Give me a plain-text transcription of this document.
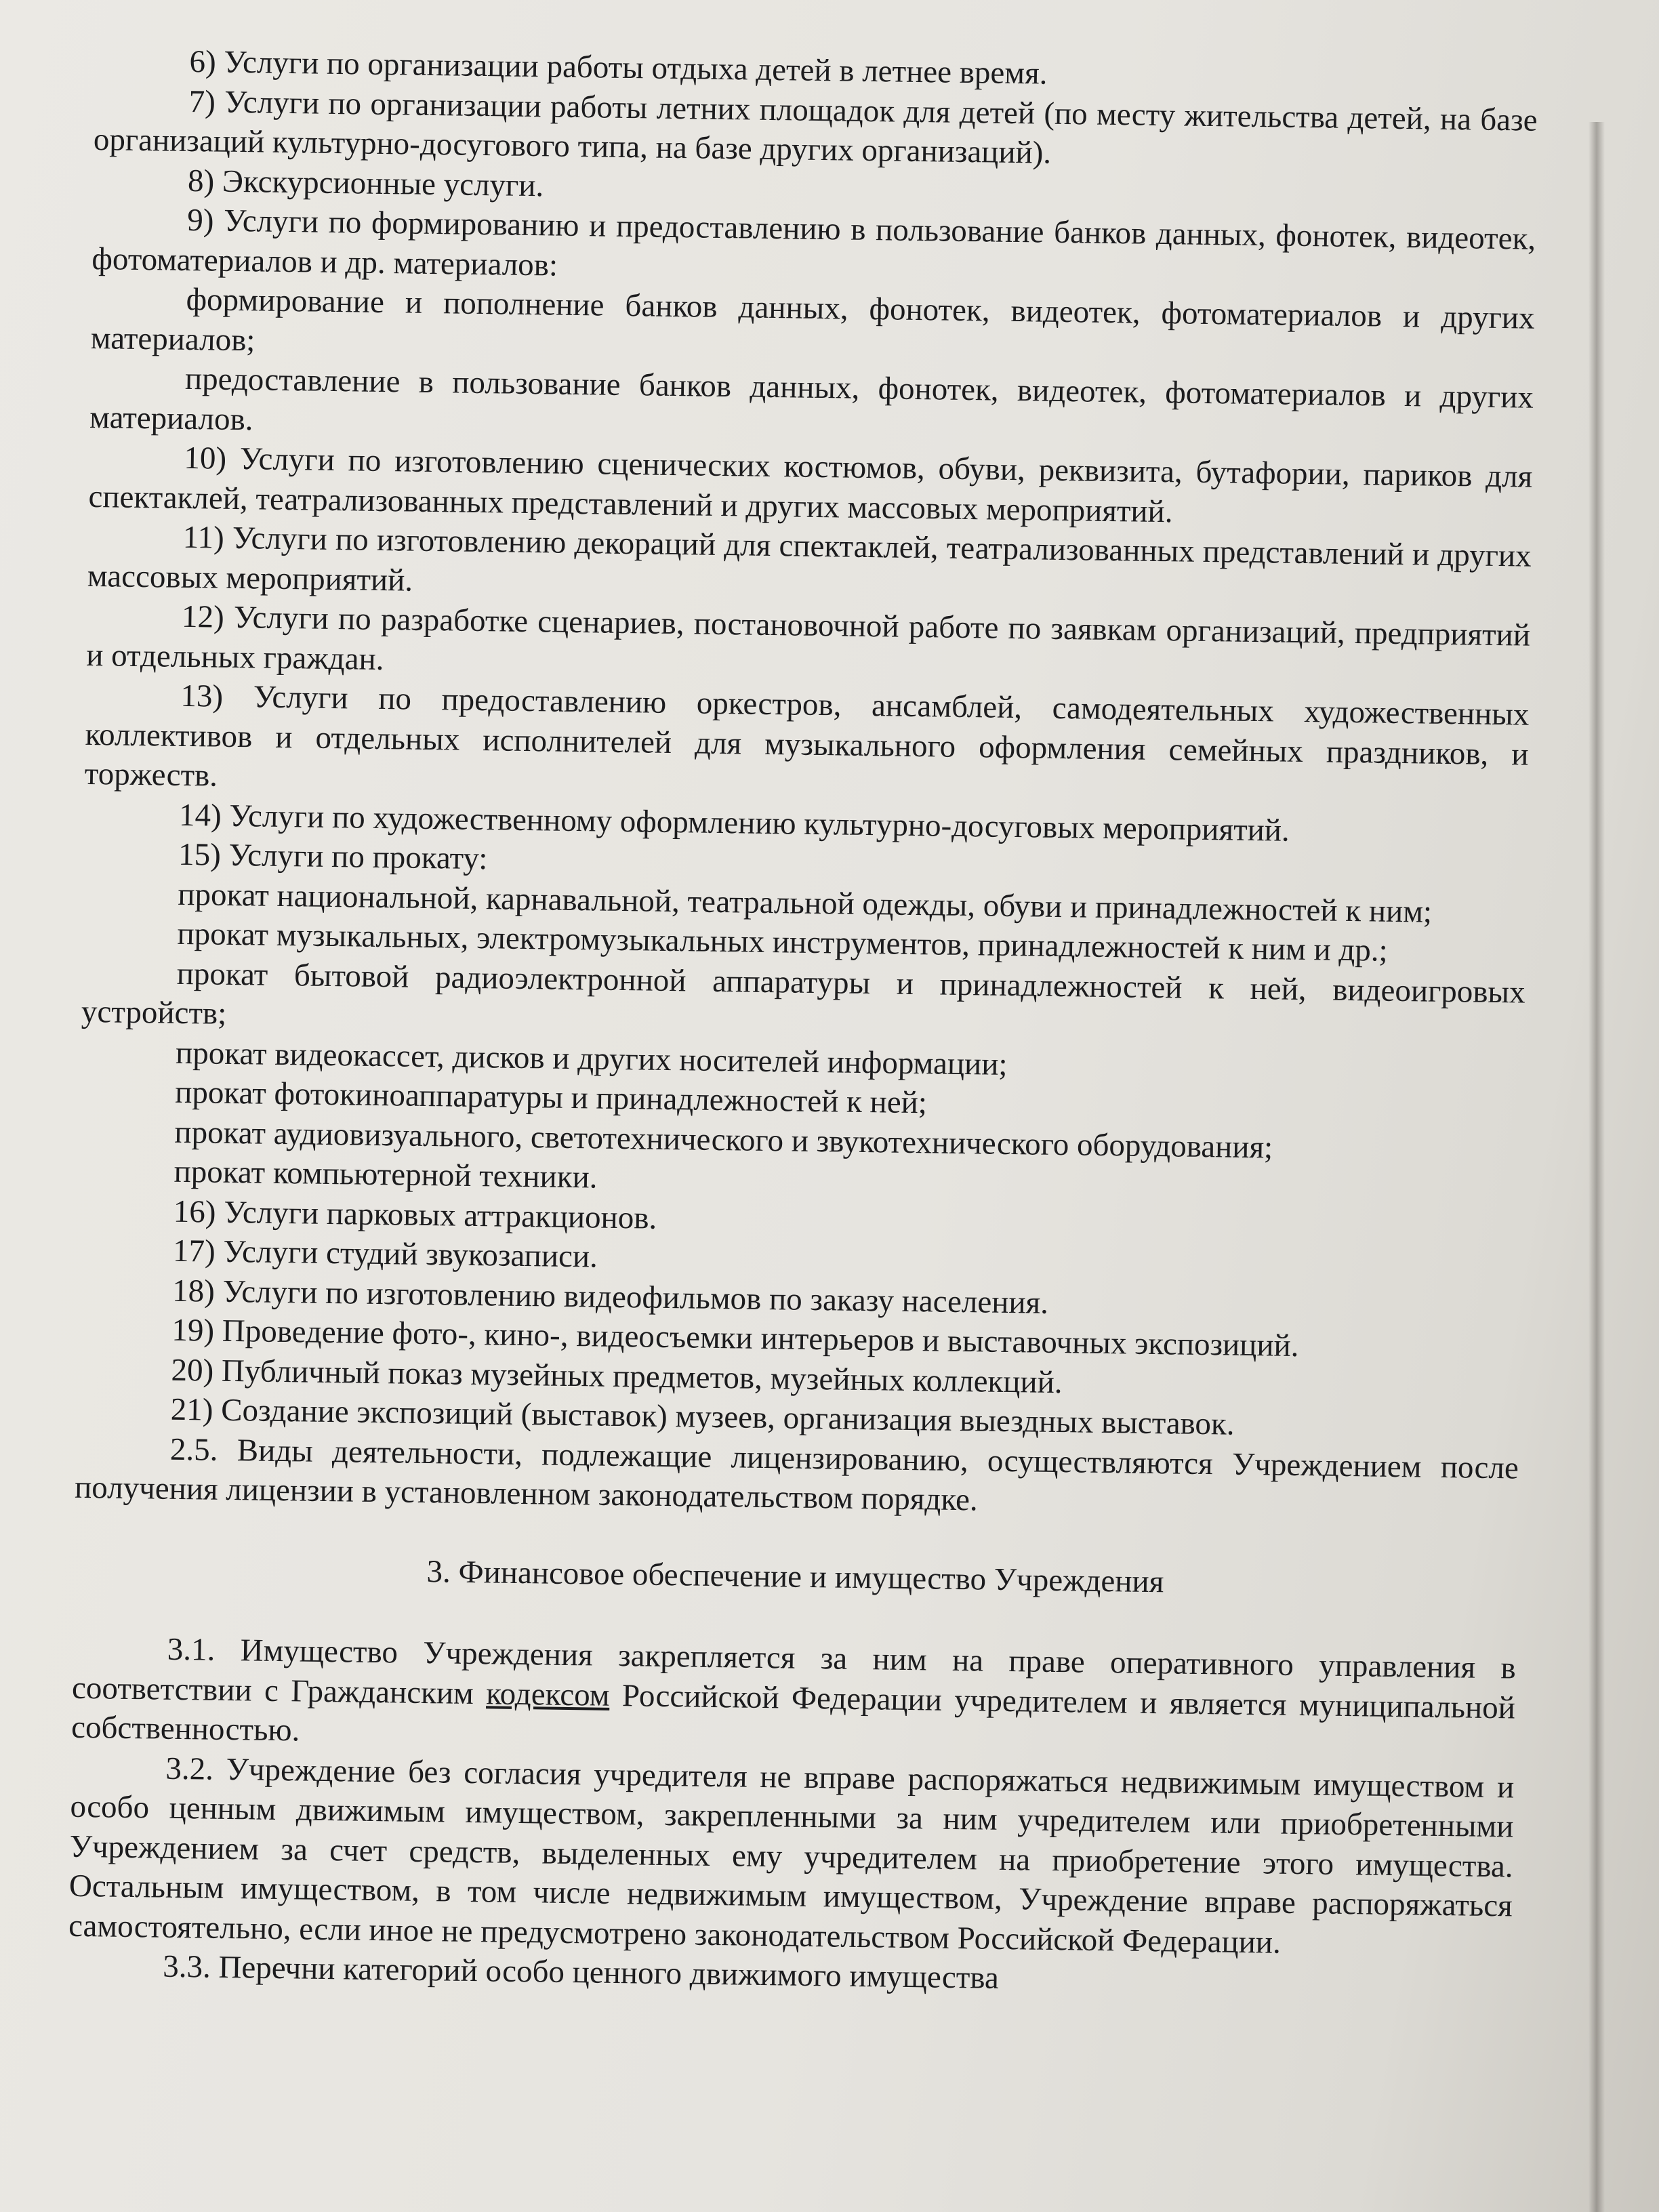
6) Услуги по организации работы отдыха детей в летнее время.

7) Услуги по организации работы летних площадок для детей (по месту жительства детей, на базе организаций культурно-досугового типа, на базе других организаций).

8) Экскурсионные услуги.

9) Услуги по формированию и предоставлению в пользование банков данных, фонотек, видеотек, фотоматериалов и др. материалов:

формирование и пополнение банков данных, фонотек, видеотек, фотоматериалов и других материалов;

предоставление в пользование банков данных, фонотек, видеотек, фотоматериалов и других материалов.

10) Услуги по изготовлению сценических костюмов, обуви, реквизита, бутафории, париков для спектаклей, театрализованных представлений и других массовых мероприятий.

11) Услуги по изготовлению декораций для спектаклей, театрализованных представлений и других массовых мероприятий.

12) Услуги по разработке сценариев, постановочной работе по заявкам организаций, предприятий и отдельных граждан.

13) Услуги по предоставлению оркестров, ансамблей, самодеятельных художественных коллективов и отдельных исполнителей для музыкального оформления семейных праздников, и торжеств.

14) Услуги по художественному оформлению культурно-досуговых мероприятий.

15) Услуги по прокату:

прокат национальной, карнавальной, театральной одежды, обуви и принадлежностей к ним;

прокат музыкальных, электромузыкальных инструментов, принадлежностей к ним и др.;

прокат бытовой радиоэлектронной аппаратуры и принадлежностей к ней, видеоигровых устройств;

прокат видеокассет, дисков и других носителей информации;

прокат фотокиноаппаратуры и принадлежностей к ней;

прокат аудиовизуального, светотехнического и звукотехнического оборудования;

прокат компьютерной техники.

16) Услуги парковых аттракционов.

17) Услуги студий звукозаписи.

18) Услуги по изготовлению видеофильмов по заказу населения.

19) Проведение фото-, кино-, видеосъемки интерьеров и выставочных экспозиций.

20) Публичный показ музейных предметов, музейных коллекций.

21) Создание экспозиций (выставок) музеев, организация выездных выставок.

2.5. Виды деятельности, подлежащие лицензированию, осуществляются Учреждением после получения лицензии в установленном законодательством порядке.

3. Финансовое обеспечение и имущество Учреждения

3.1. Имущество Учреждения закрепляется за ним на праве оперативного управления в соответствии с Гражданским кодексом Российской Федерации учредителем и является муниципальной собственностью.

3.2. Учреждение без согласия учредителя не вправе распоряжаться недвижимым имуществом и особо ценным движимым имуществом, закрепленными за ним учредителем или приобретенными Учреждением за счет средств, выделенных ему учредителем на приобретение этого имущества. Остальным имуществом, в том числе недвижимым имуществом, Учреждение вправе распоряжаться самостоятельно, если иное не предусмотрено законодательством Российской Федерации.

3.3. Перечни категорий особо ценного движимого имущества
